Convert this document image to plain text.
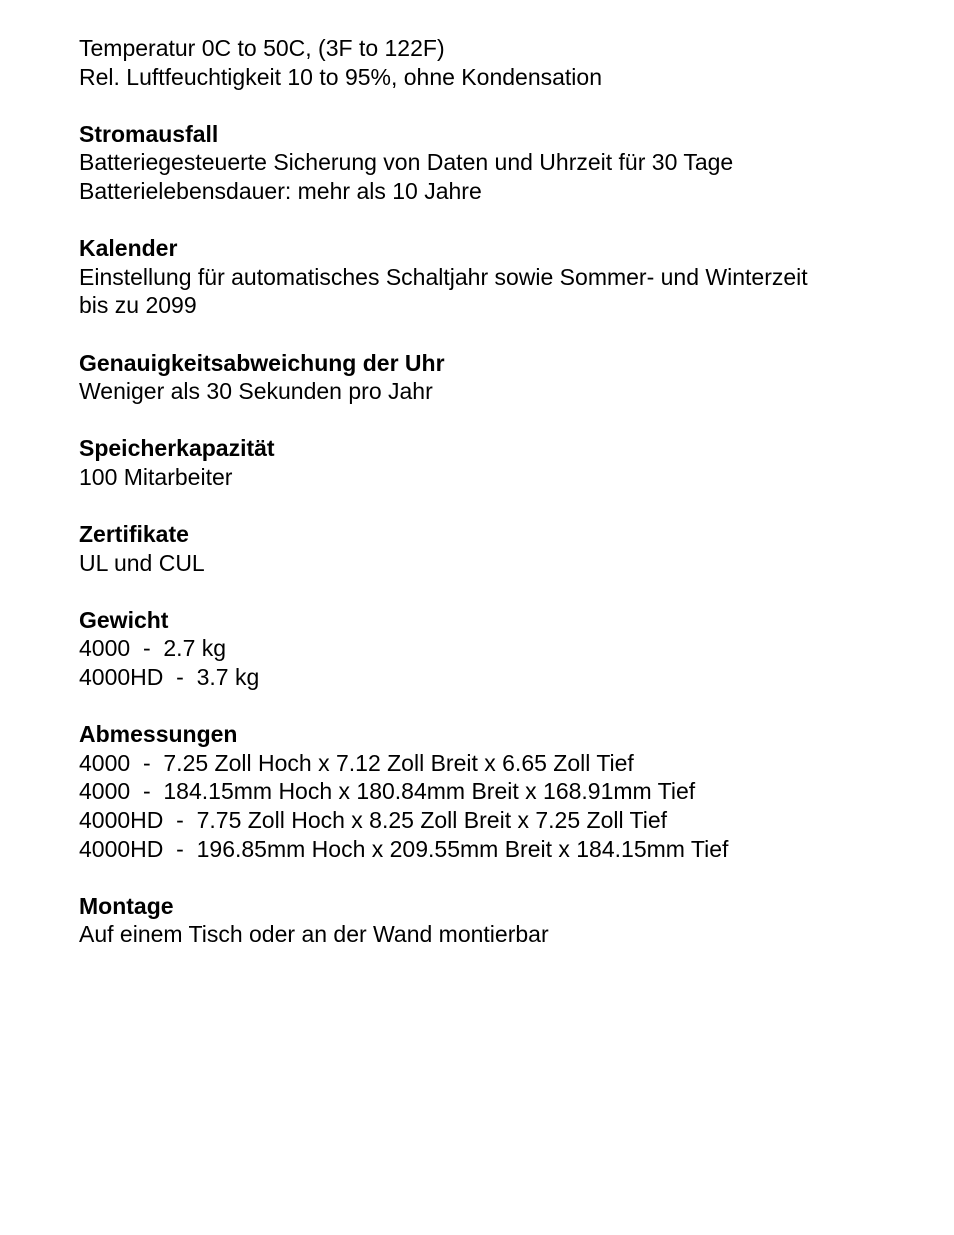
Temperatur 0C to 50C, (3F to 122F)
Rel. Luftfeuchtigkeit 10 to 95%, ohne Kondensation
Stromausfall
Batteriegesteuerte Sicherung von Daten und Uhrzeit für 30 Tage
Batterielebensdauer: mehr als 10 Jahre
Kalender
Einstellung für automatisches Schaltjahr sowie Sommer- und Winterzeit
bis zu 2099
Genauigkeitsabweichung der Uhr
Weniger als 30 Sekunden pro Jahr
Speicherkapazität
100 Mitarbeiter
Zertifikate
UL und CUL
Gewicht
4000  -  2.7 kg
4000HD  -  3.7 kg
Abmessungen
4000  -  7.25 Zoll Hoch x 7.12 Zoll Breit x 6.65 Zoll Tief
4000  -  184.15mm Hoch x 180.84mm Breit x 168.91mm Tief
4000HD  -  7.75 Zoll Hoch x 8.25 Zoll Breit x 7.25 Zoll Tief
4000HD  -  196.85mm Hoch x 209.55mm Breit x 184.15mm Tief
Montage
Auf einem Tisch oder an der Wand montierbar
